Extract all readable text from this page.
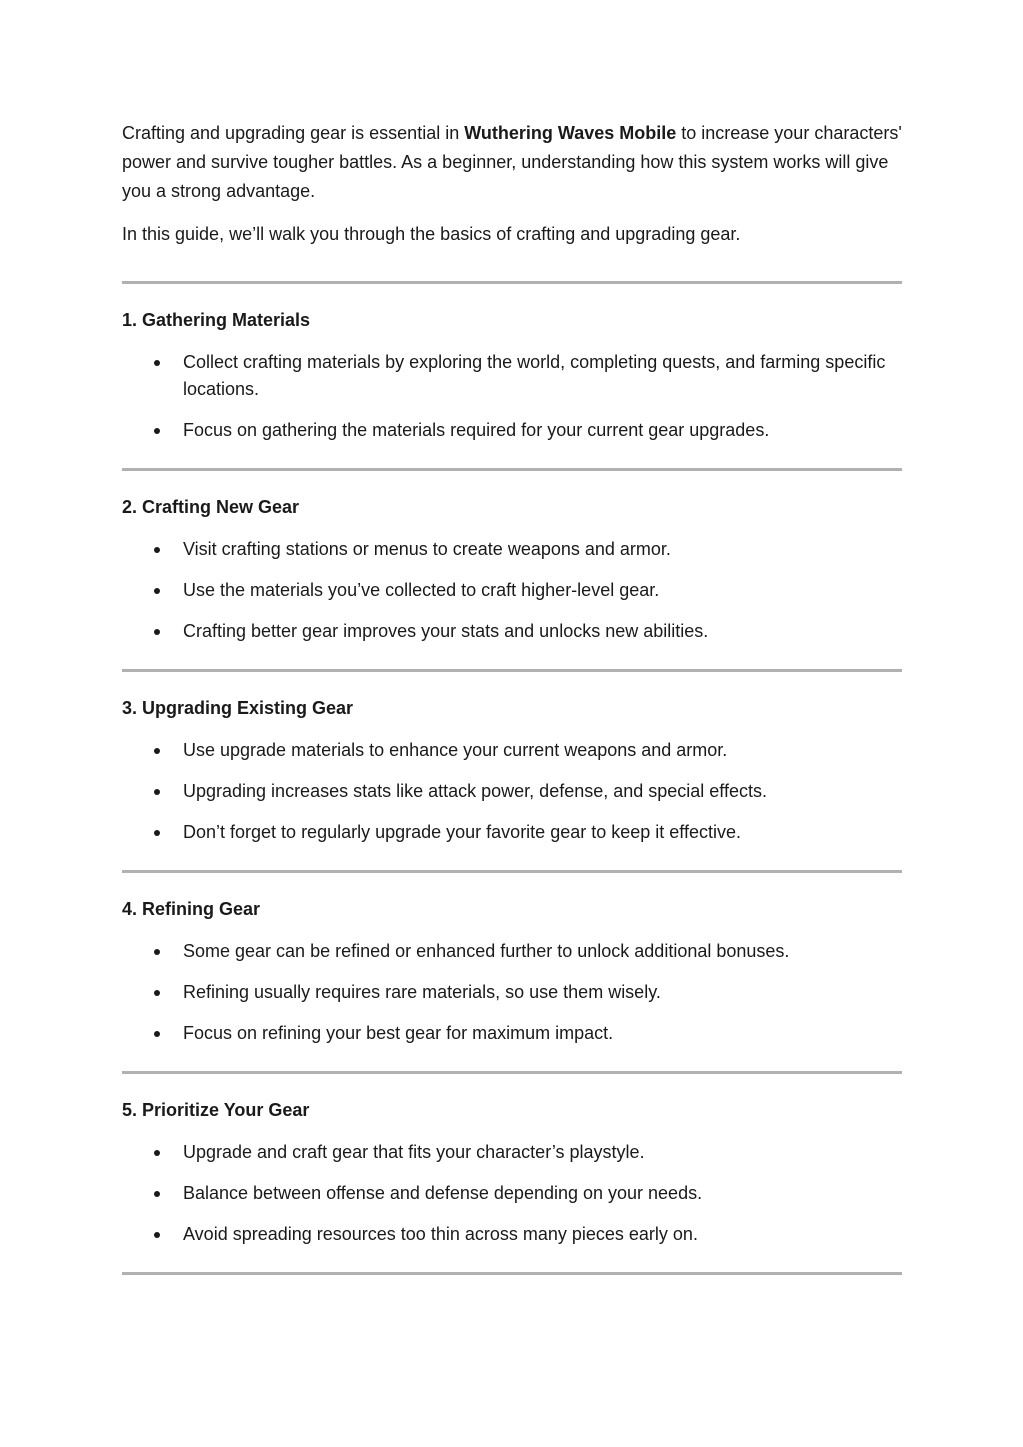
Crafting and upgrading gear is essential in Wuthering Waves Mobile to increase your characters' power and survive tougher battles. As a beginner, understanding how this system works will give you a strong advantage.

In this guide, we’ll walk you through the basics of crafting and upgrading gear.

1. Gathering Materials
Collect crafting materials by exploring the world, completing quests, and farming specific locations.
Focus on gathering the materials required for your current gear upgrades.
2. Crafting New Gear
Visit crafting stations or menus to create weapons and armor.
Use the materials you’ve collected to craft higher-level gear.
Crafting better gear improves your stats and unlocks new abilities.
3. Upgrading Existing Gear
Use upgrade materials to enhance your current weapons and armor.
Upgrading increases stats like attack power, defense, and special effects.
Don’t forget to regularly upgrade your favorite gear to keep it effective.
4. Refining Gear
Some gear can be refined or enhanced further to unlock additional bonuses.
Refining usually requires rare materials, so use them wisely.
Focus on refining your best gear for maximum impact.
5. Prioritize Your Gear
Upgrade and craft gear that fits your character’s playstyle.
Balance between offense and defense depending on your needs.
Avoid spreading resources too thin across many pieces early on.
